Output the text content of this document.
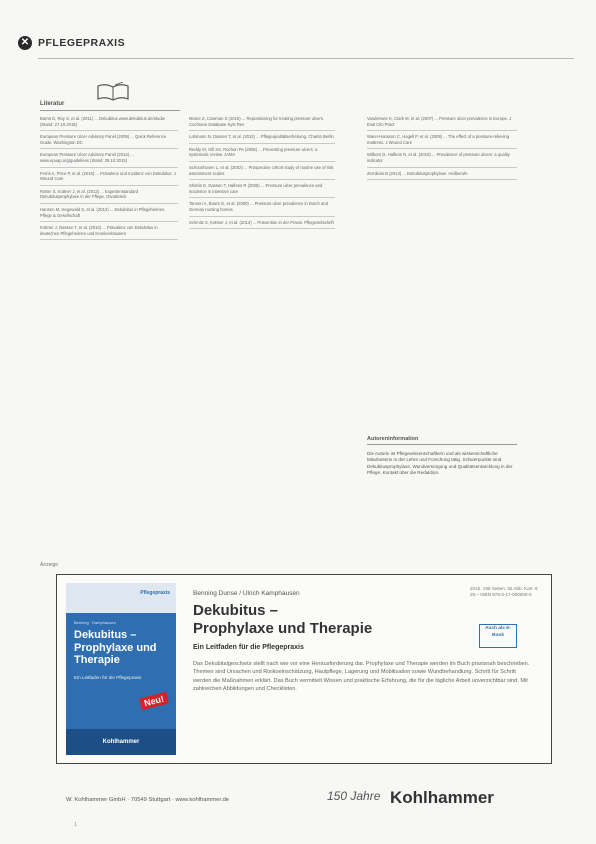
✕ PFLEGEPRAXIS
Literatur
Burns D, Roy S, et al. (2011) ... Dekubitus www.dekubitus.de/studie (Stand: 27.10.2015)
European Pressure Ulcer Advisory Panel (2009) ... Quick Reference Guide. Washington DC
European Pressure Ulcer Advisory Panel (2014) ... www.epuap.org/guidelines (Stand: 29.10.2015)
Ferris A, Price P, et al. (2015) ... Prävalenz und Inzidenz von Dekubitus. J Wound Care
Rotter S, Kottner J, et al. (2013) ... Expertenstandard Dekubitusprophylaxe in der Pflege. Osnabrück
Hansen M, Hegewald S, et al. (2012) ... Dekubitus in Pflegeheimen. Pflege & Gesellschaft
Kottner J, Dassen T, et al. (2010) ... Prävalenz von Dekubitus in deutschen Pflegeheimen und Krankenhäusern
Moore Z, Cowman S (2015) ... Repositioning for treating pressure ulcers. Cochrane Database Syst Rev
Lahmann N, Dassen T, et al. (2012) ... Pflegequalitätserhebung. Charité Berlin
Reddy M, Gill SS, Rochon PA (2006) ... Preventing pressure ulcers: a systematic review. JAMA
Schoonhoven L, et al. (2002) ... Prospective cohort study of routine use of risk assessment scales
Shahin E, Dassen T, Halfens R (2008) ... Pressure ulcer prevalence and incidence in intensive care
Tannen A, Bours G, et al. (2009) ... Pressure ulcer prevalence in Dutch and German nursing homes
Schmitz S, Kottner J, et al. (2014) ... Prävention in der Praxis. Pflegezeitschrift
Vanderwee K, Clark M, et al. (2007) ... Pressure ulcer prevalence in Europe. J Eval Clin Pract
Wann-Hansson C, Hagell P, et al. (2008) ... The effect of a pressure-relieving mattress. J Wound Care
Wilborn D, Halfens R, et al. (2010) ... Prevalence of pressure ulcers: a quality indicator
Zernikow B (2013) ... Dekubitusprophylaxe. Heilberufe
Autoreninformation
Die Autorin ist Pflegewissenschaftlerin und als wissenschaftliche Mitarbeiterin in der Lehre und Forschung tätig. Schwerpunkte sind Dekubitusprophylaxe, Wundversorgung und Qualitätsentwicklung in der Pflege. Kontakt über die Redaktion.
Anzeige
Pflegepraxis
Benning · Kamphausen
Dekubitus – Prophylaxe und Therapie
Ein Leitfaden für die Pflegepraxis
Neu!
Kohlhammer
Benning Dunse / Ulrich Kamphausen
Dekubitus –
Prophylaxe und Therapie
Ein Leitfaden für die Pflegepraxis
Das Dekubitalgeschwür stellt nach wie vor eine Herausforderung dar. Prophylaxe und Therapie werden im Buch praxisnah beschrieben. Themen sind Ursachen und Risikoeinschätzung, Hautpflege, Lagerung und Mobilisation sowie Wundbehandlung. Schritt für Schritt werden die Maßnahmen erklärt. Das Buch vermittelt Wissen und praktische Erfahrung, die für die tägliche Arbeit unverzichtbar sind. Mit zahlreichen Abbildungen und Checklisten.
2015. 196 Seiten. 35 Abb. Kart. € 29,– ISBN 978-3-17-000000-0
Auch als E-Book
W. Kohlhammer GmbH · 70549 Stuttgart · www.kohlhammer.de	150 Jahre Kohlhammer
1
